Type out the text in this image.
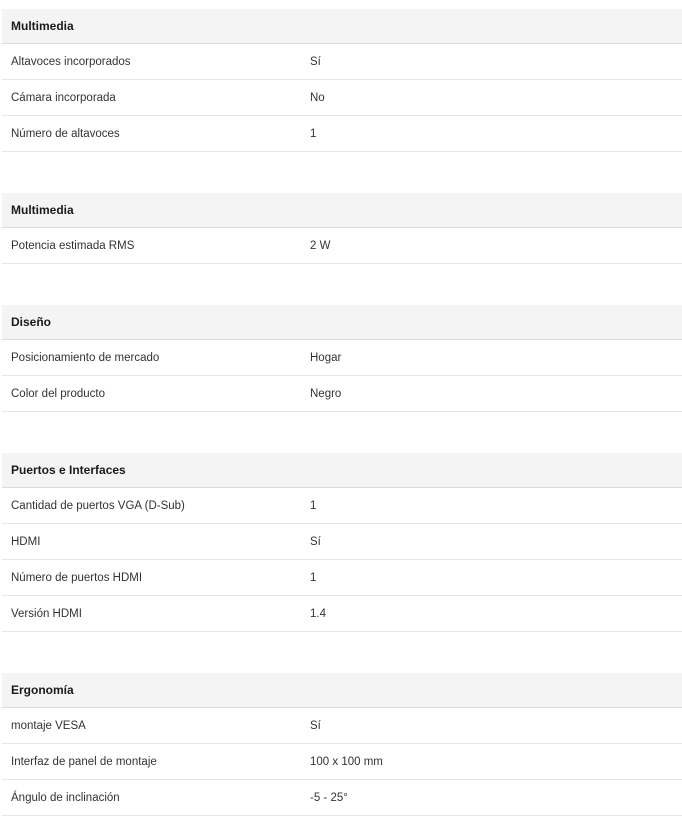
Multimedia
Altavoces incorporados	Sí
Cámara incorporada	No
Número de altavoces	1
Multimedia
Potencia estimada RMS	2 W
Diseño
Posicionamiento de mercado	Hogar
Color del producto	Negro
Puertos e Interfaces
Cantidad de puertos VGA (D-Sub)	1
HDMI	Sí
Número de puertos HDMI	1
Versión HDMI	1.4
Ergonomía
montaje VESA	Sí
Interfaz de panel de montaje	100 x 100 mm
Ángulo de inclinación	-5 - 25°
